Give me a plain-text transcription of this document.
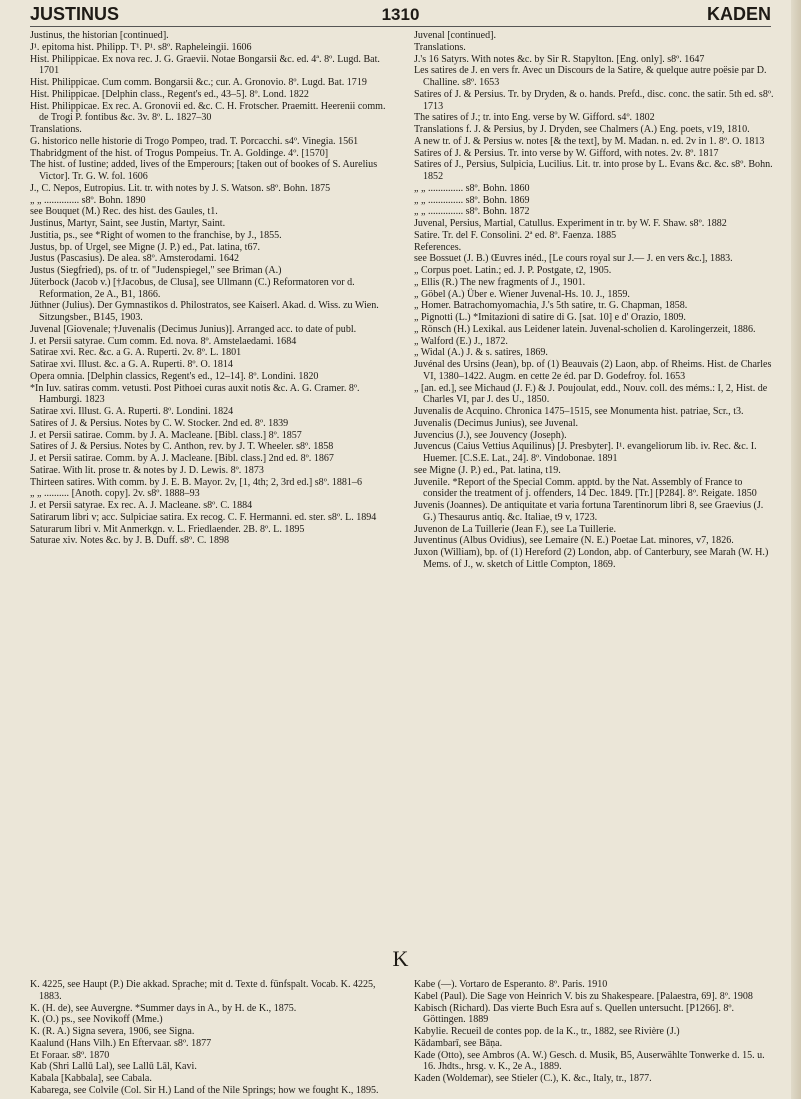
JUSTINUS	1310	KADEN
Justinus, the historian [continued].
J¹. epitoma hist. Philipp. T¹. P¹. s8º. Rapheleingii. 1606
Hist. Philippicae. Ex nova rec. J. G. Graevii. Notae Bongarsii &c. ed. 4ª. 8º. Lugd. Bat. 1701
Hist. Philippicae. Cum comm. Bongarsii &c.; cur. A. Gronovio. 8º. Lugd. Bat. 1719
Hist. Philippicae. [Delphin class., Regent's ed., 43–5]. 8º. Lond. 1822
Hist. Philippicae. Ex rec. A. Gronovii ed. &c. C. H. Frotscher. Praemitt. Heerenii comm. de Trogi P. fontibus &c. 3v. 8º. L. 1827–30
Translations.
G. historico nelle historie di Trogo Pompeo, trad. T. Porcacchi. s4º. Vinegia. 1561
Thabridgment of the hist. of Trogus Pompeius. Tr. A. Goldinge. 4º. [1570]
The hist. of Iustine; added, lives of the Emperours; [taken out of bookes of S. Aurelius Victor]. Tr. G. W. fol. 1606
J., C. Nepos, Eutropius. Lit. tr. with notes by J. S. Watson. s8º. Bohn. 1875
„ „ .............. s8º. Bohn. 1890
see Bouquet (M.) Rec. des hist. des Gaules, t1.
Justinus, Martyr, Saint, see Justin, Martyr, Saint.
Justitia, ps., see *Right of women to the franchise, by J., 1855.
Justus, bp. of Urgel, see Migne (J. P.) ed., Pat. latina, t67.
Justus (Pascasius). De alea. s8º. Amsterodami. 1642
Justus (Siegfried), ps. of tr. of "Judenspiegel," see Briman (A.)
Jüterbock (Jacob v.) [†Jacobus, de Clusa], see Ullmann (C.) Reformatoren vor d. Reformation, 2e A., B1, 1866.
Jüthner (Julius). Der Gymnastikos d. Philostratos, see Kaiserl. Akad. d. Wiss. zu Wien. Sitzungsber., B145, 1903.
Juvenal [Giovenale; †Juvenalis (Decimus Junius)]. Arranged acc. to date of publ.
J. et Persii satyrae. Cum comm. Ed. nova. 8º. Amstelaedami. 1684
Satirae xvi. Rec. &c. a G. A. Ruperti. 2v. 8º. L. 1801
Satirae xvi. Illust. &c. a G. A. Ruperti. 8º. O. 1814
Opera omnia. [Delphin classics, Regent's ed., 12–14]. 8º. Londini. 1820
*In Iuv. satiras comm. vetusti. Post Pithoei curas auxit notis &c. A. G. Cramer. 8º. Hamburgi. 1823
Satirae xvi. Illust. G. A. Ruperti. 8º. Londini. 1824
Satires of J. & Persius. Notes by C. W. Stocker. 2nd ed. 8º. 1839
J. et Persii satirae. Comm. by J. A. Macleane. [Bibl. class.] 8º. 1857
Satires of J. & Persius. Notes by C. Anthon, rev. by J. T. Wheeler. s8º. 1858
J. et Persii satirae. Comm. by A. J. Macleane. [Bibl. class.] 2nd ed. 8º. 1867
Satirae. With lit. prose tr. & notes by J. D. Lewis. 8º. 1873
Thirteen satires. With comm. by J. E. B. Mayor. 2v, [1, 4th; 2, 3rd ed.] s8º. 1881–6
„ „ .......... [Anoth. copy]. 2v. s8º. 1888–93
J. et Persii satyrae. Ex rec. A. J. Macleane. s8º. C. 1884
Satirarum libri v; acc. Sulpiciae satira. Ex recog. C. F. Hermanni. ed. ster. s8º. L. 1894
Saturarum libri v. Mit Anmerkgn. v. L. Friedlaender. 2B. 8º. L. 1895
Saturae xiv. Notes &c. by J. B. Duff. s8º. C. 1898
Juvenal [continued].
Translations.
J.'s 16 Satyrs. With notes &c. by Sir R. Stapylton. [Eng. only]. s8º. 1647
Les satires de J. en vers fr. Avec un Discours de la Satire, & quelque autre poësie par D. Challine. s8º. 1653
Satires of J. & Persius. Tr. by Dryden, & o. hands. Prefd., disc. conc. the satir. 5th ed. s8º. 1713
The satires of J.; tr. into Eng. verse by W. Gifford. s4º. 1802
Translations f. J. & Persius, by J. Dryden, see Chalmers (A.) Eng. poets, v19, 1810.
A new tr. of J. & Persius w. notes [& the text], by M. Madan. n. ed. 2v in 1. 8º. O. 1813
Satires of J. & Persius. Tr. into verse by W. Gifford, with notes. 2v. 8º. 1817
Satires of J., Persius, Sulpicia, Lucilius. Lit. tr. into prose by L. Evans &c. &c. s8º. Bohn. 1852
„ „ .............. s8º. Bohn. 1860
„ „ .............. s8º. Bohn. 1869
„ „ .............. s8º. Bohn. 1872
Juvenal, Persius, Martial, Catullus. Experiment in tr. by W. F. Shaw. s8º. 1882
Satire. Tr. del F. Consolini. 2ª ed. 8º. Faenza. 1885
References.
see Bossuet (J. B.) Œuvres inéd., [Le cours royal sur J.— J. en vers &c.], 1883.
„ Corpus poet. Latin.; ed. J. P. Postgate, t2, 1905.
„ Ellis (R.) The new fragments of J., 1901.
„ Göbel (A.) Über e. Wiener Juvenal-Hs. 10. J., 1859.
„ Homer. Batrachomyomachia, J.'s 5th satire, tr. G. Chapman, 1858.
„ Pignotti (L.) *Imitazioni di satire di G. [sat. 10] e d' Orazio, 1809.
„ Rönsch (H.) Lexikal. aus Leidener latein. Juvenal-scholien d. Karolingerzeit, 1886.
„ Walford (E.) J., 1872.
„ Widal (A.) J. & s. satires, 1869.
Juvénal des Ursins (Jean), bp. of (1) Beauvais (2) Laon, abp. of Rheims. Hist. de Charles VI, 1380–1422. Augm. en cette 2e éd. par D. Godefroy. fol. 1653
„ [an. ed.], see Michaud (J. F.) & J. Poujoulat, edd., Nouv. coll. des méms.: I, 2, Hist. de Charles VI, par J. des U., 1850.
Juvenalis de Acquino. Chronica 1475–1515, see Monumenta hist. patriae, Scr., t3.
Juvenalis (Decimus Junius), see Juvenal.
Juvencius (J.), see Jouvency (Joseph).
Juvencus (Caius Vettius Aquilinus) [J. Presbyter]. I¹. evangeliorum lib. iv. Rec. &c. I. Huemer. [C.S.E. Lat., 24]. 8º. Vindobonae. 1891
see Migne (J. P.) ed., Pat. latina, t19.
Juvenile. *Report of the Special Comm. apptd. by the Nat. Assembly of France to consider the treatment of j. offenders, 14 Dec. 1849. [Tr.] [P284]. 8º. Reigate. 1850
Juvenis (Joannes). De antiquitate et varia fortuna Tarentinorum libri 8, see Graevius (J. G.) Thesaurus antiq. &c. Italiae, t9 v, 1723.
Juvenon de La Tuillerie (Jean F.), see La Tuillerie.
Juventinus (Albus Ovidius), see Lemaire (N. E.) Poetae Lat. minores, v7, 1826.
Juxon (William), bp. of (1) Hereford (2) London, abp. of Canterbury, see Marah (W. H.) Mems. of J., w. sketch of Little Compton, 1869.
K
K. 4225, see Haupt (P.) Die akkad. Sprache; mit d. Texte d. fünfspalt. Vocab. K. 4225, 1883.
K. (H. de), see Auvergne. *Summer days in A., by H. de K., 1875.
K. (O.) ps., see Novikoff (Mme.)
K. (R. A.) Signa severa, 1906, see Signa.
Kaalund (Hans Vilh.) En Eftervaar. s8º. 1877
Et Foraar. s8º. 1870
Kab (Shri Lallū Lal), see Lallū Lāl, Kavi.
Kabala [Kabbala], see Cabala.
Kabarega, see Colvile (Col. Sir H.) Land of the Nile Springs; how we fought K., 1895.
Kabe (—). Vortaro de Esperanto. 8º. Paris. 1910
Kabel (Paul). Die Sage von Heinrich V. bis zu Shakespeare. [Palaestra, 69]. 8º. 1908
Kabisch (Richard). Das vierte Buch Esra auf s. Quellen untersucht. [P1266]. 8º. Göttingen. 1889
Kabylie. Recueil de contes pop. de la K., tr., 1882, see Rivière (J.)
Kādambarī, see Bāṇa.
Kade (Otto), see Ambros (A. W.) Gesch. d. Musik, B5, Auserwählte Tonwerke d. 15. u. 16. Jhdts., hrsg. v. K., 2e A., 1889.
Kaden (Woldemar), see Stieler (C.), K. &c., Italy, tr., 1877.
